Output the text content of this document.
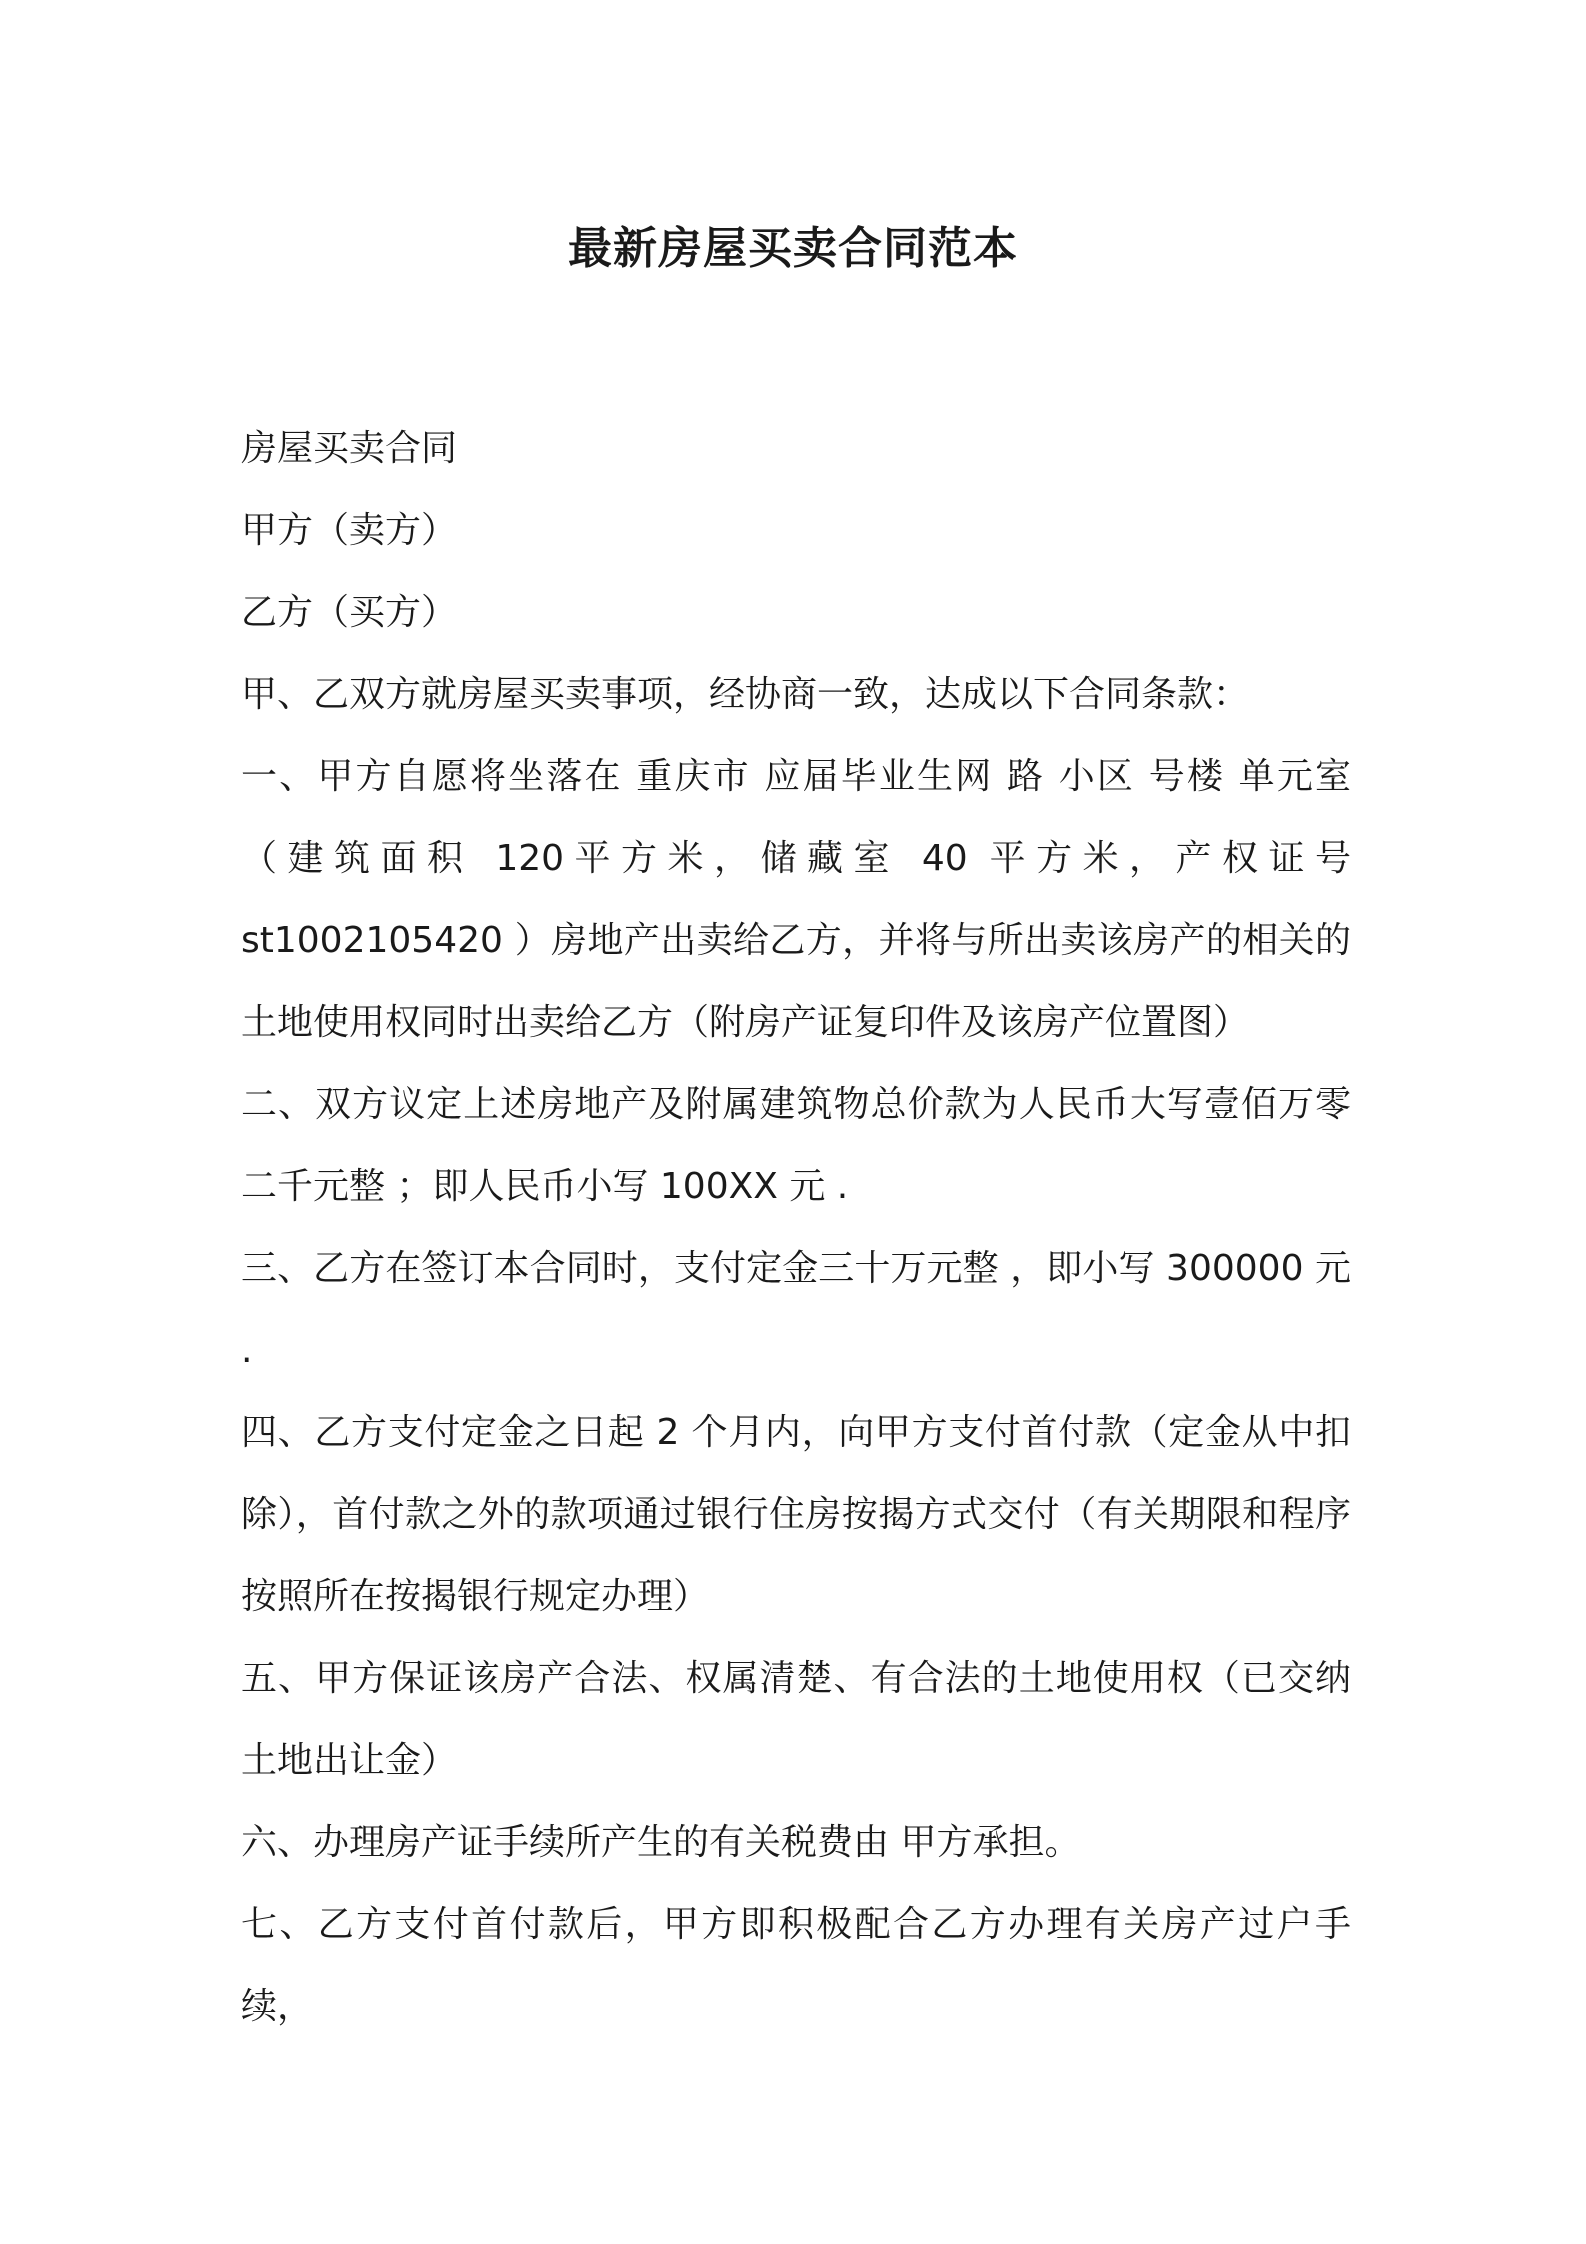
最新房屋买卖合同范本

房屋买卖合同

甲方（卖方）

乙方（买方）

甲、乙双方就房屋买卖事项，经协商一致，达成以下合同条款：

一、甲方自愿将坐落在 重庆市 应届毕业生网 路 小区 号楼 单元室 （建筑面积 120平方米，储藏室 40 平方米，产权证号st1002105420 ）房地产出卖给乙方，并将与所出卖该房产的相关的土地使用权同时出卖给乙方（附房产证复印件及该房产位置图）

二、双方议定上述房地产及附属建筑物总价款为人民币大写壹佰万零二千元整 ；即人民币小写 100XX 元 .

三、乙方在签订本合同时，支付定金三十万元整 ，即小写 300000 元 .

四、乙方支付定金之日起 2 个月内，向甲方支付首付款（定金从中扣除），首付款之外的款项通过银行住房按揭方式交付（有关期限和程序按照所在按揭银行规定办理）

五、甲方保证该房产合法、权属清楚、有合法的土地使用权（已交纳土地出让金）

六、办理房产证手续所产生的有关税费由 甲方承担。

七、乙方支付首付款后，甲方即积极配合乙方办理有关房产过户手续，
